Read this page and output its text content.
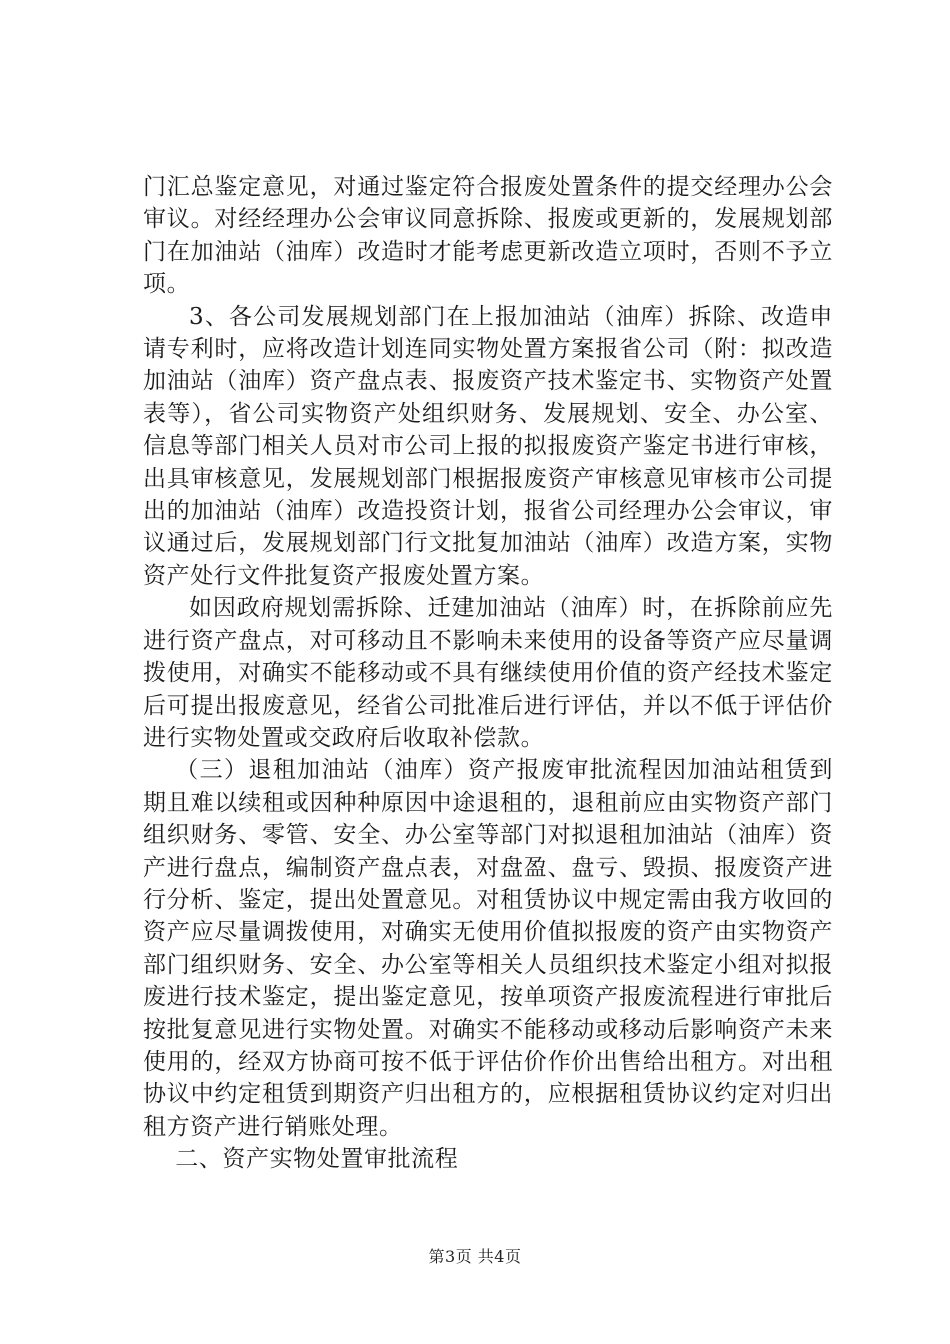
门汇总鉴定意见，对通过鉴定符合报废处置条件的提交经理办公会审议。对经经理办公会审议同意拆除、报废或更新的，发展规划部门在加油站（油库）改造时才能考虑更新改造立项时，否则不予立项。

3、各公司发展规划部门在上报加油站（油库）拆除、改造申请专利时，应将改造计划连同实物处置方案报省公司（附：拟改造加油站（油库）资产盘点表、报废资产技术鉴定书、实物资产处置表等），省公司实物资产处组织财务、发展规划、安全、办公室、信息等部门相关人员对市公司上报的拟报废资产鉴定书进行审核，出具审核意见，发展规划部门根据报废资产审核意见审核市公司提出的加油站（油库）改造投资计划，报省公司经理办公会审议，审议通过后，发展规划部门行文批复加油站（油库）改造方案，实物资产处行文件批复资产报废处置方案。

如因政府规划需拆除、迁建加油站（油库）时，在拆除前应先进行资产盘点，对可移动且不影响未来使用的设备等资产应尽量调拨使用，对确实不能移动或不具有继续使用价值的资产经技术鉴定后可提出报废意见，经省公司批准后进行评估，并以不低于评估价进行实物处置或交政府后收取补偿款。

（三）退租加油站（油库）资产报废审批流程因加油站租赁到期且难以续租或因种种原因中途退租的，退租前应由实物资产部门组织财务、零管、安全、办公室等部门对拟退租加油站（油库）资产进行盘点，编制资产盘点表，对盘盈、盘亏、毁损、报废资产进行分析、鉴定，提出处置意见。对租赁协议中规定需由我方收回的资产应尽量调拨使用，对确实无使用价值拟报废的资产由实物资产部门组织财务、安全、办公室等相关人员组织技术鉴定小组对拟报废进行技术鉴定，提出鉴定意见，按单项资产报废流程进行审批后按批复意见进行实物处置。对确实不能移动或移动后影响资产未来使用的，经双方协商可按不低于评估价作价出售给出租方。对出租协议中约定租赁到期资产归出租方的，应根据租赁协议约定对归出租方资产进行销账处理。

二、资产实物处置审批流程

第3页 共4页
